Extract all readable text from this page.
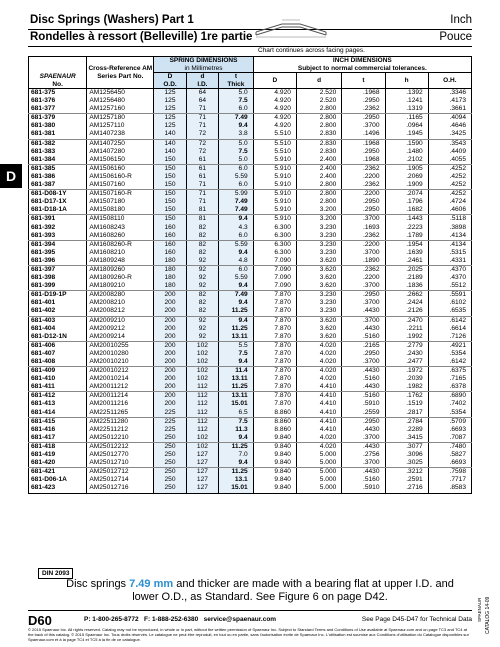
Disc Springs (Washers) Part 1	Inch
Rondelles à ressort (Belleville) 1re partie	Pouce
Chart continues across facing pages.
D
SPAENAUR
No.	Cross-Reference AM Series Part No.	SPRING DIMENSIONS
in Millimetres			INCH DIMENSIONS
Subject to normal commercial tolerances.				
		D	d	t	D	d	t	h	O.H.
		O.D.	I.D.	Thick					
681-375	AM1256450	125	64	5.0	4.920	2.520	.1968	.1392	.3346
681-376	AM1256480	125	64	7.5	4.920	2.520	.2950	.1241	.4173
681-377	AM1257160	125	71	6.0	4.920	2.800	.2362	.1319	.3661
681-379	AM1257180	125	71	7.49	4.920	2.800	.2950	.1165	.4094
681-380	AM1257110	125	71	9.4	4.920	2.800	.3700	.0964	.4646
681-381	AM1407238	140	72	3.8	5.510	2.830	.1496	.1945	.3425
681-382	AM1407250	140	72	5.0	5.510	2.830	.1968	.1590	.3543
681-383	AM1407280	140	72	7.5	5.510	2.830	.2950	.1480	.4409
681-384	AM1506150	150	61	5.0	5.910	2.400	.1968	.2102	.4055
681-385	AM1506160	150	61	6.0	5.910	2.400	.2362	.1905	.4252
681-386	AM1506160-R	150	61	5.59	5.910	2.400	.2200	.2069	.4252
681-387	AM1507160	150	71	6.0	5.910	2.800	.2362	.1909	.4252
681-D08-1Y	AM1507160-R	150	71	5.99	5.910	2.800	.2200	.2074	.4252
681-D17-1X	AM1507180	150	71	7.49	5.910	2.800	.2950	.1796	.4724
681-D18-1A	AM1508180	150	81	7.49	5.910	3.200	.2950	.1682	.4606
681-391	AM1508110	150	81	9.4	5.910	3.200	.3700	.1443	.5118
681-392	AM1608243	160	82	4.3	6.300	3.230	.1693	.2223	.3898
681-393	AM1608260	160	82	6.0	6.300	3.230	.2362	.1789	.4134
681-394	AM1608260-R	160	82	5.59	6.300	3.230	.2200	.1954	.4134
681-395	AM1608210	160	82	9.4	6.300	3.230	.3700	.1639	.5315
681-396	AM1809248	180	92	4.8	7.090	3.620	.1890	.2461	.4331
681-397	AM1809260	180	92	6.0	7.090	3.620	.2362	.2025	.4370
681-398	AM1809260-R	180	92	5.59	7.090	3.620	.2200	.2189	.4370
681-399	AM1809210	180	92	9.4	7.090	3.620	.3700	.1836	.5512
681-D19-1P	AM2008280	200	82	7.49	7.870	3.230	.2950	.2662	.5591
681-401	AM2008210	200	82	9.4	7.870	3.230	.3700	.2424	.6102
681-402	AM2008212	200	82	11.25	7.870	3.230	.4430	.2126	.6535
681-403	AM2009210	200	92	9.4	7.870	3.620	.3700	.2470	.6142
681-404	AM2009212	200	92	11.25	7.870	3.620	.4430	.2211	.6614
681-D12-1N	AM2009214	200	92	13.11	7.870	3.620	.5160	.1992	.7126
681-406	AM20010255	200	102	5.5	7.870	4.020	.2165	.2779	.4921
681-407	AM20010280	200	102	7.5	7.870	4.020	.2950	.2430	.5354
681-408	AM20010210	200	102	9.4	7.870	4.020	.3700	.2477	.6142
681-409	AM20010212	200	102	11.4	7.870	4.020	.4430	.1972	.6375
681-410	AM20010214	200	102	13.11	7.870	4.020	.5160	.2039	.7165
681-411	AM20011212	200	112	11.25	7.870	4.410	.4430	.1982	.6378
681-412	AM20011214	200	112	13.11	7.870	4.410	.5160	.1762	.6890
681-413	AM20011216	200	112	15.01	7.870	4.410	.5910	.1519	.7402
681-414	AM22511265	225	112	6.5	8.860	4.410	.2559	.2817	.5354
681-415	AM22511280	225	112	7.5	8.860	4.410	.2950	.2784	.5709
681-416	AM22511212	225	112	11.3	8.860	4.410	.4430	.2289	.6693
681-417	AM25012210	250	102	9.4	9.840	4.020	.3700	.3415	.7087
681-418	AM25012212	250	102	11.25	9.840	4.020	.4430	.3077	.7480
681-419	AM25012770	250	127	7.0	9.840	5.000	.2756	.3096	.5827
681-420	AM25012710	250	127	9.4	9.840	5.000	.3700	.3025	.6693
681-421	AM25012712	250	127	11.25	9.840	5.000	.4430	.3212	.7598
681-D06-1A	AM25012714	250	127	13.1	9.840	5.000	.5160	.2591	.7717
681-423	AM25012716	250	127	15.01	9.840	5.000	.5910	.2716	.8583
DIN 2093
Disc springs 7.49 mm and thicker are made with a bearing flat at upper I.D. and lower O.D., as Standard. See Figure 6 on page D42.	CATALOG 14-09
SPAENAUR
D60	P: 1-800-265-8772 F: 1-888-252-6380 service@spaenaur.com	See Page D45-D47 for Technical Data
© 2015 Spaenaur Inc. All rights reserved. Catalog may not be reproduced, in whole or in part, without the written permission of Spaenaur Inc. Subject to Standard Terms and Conditions of Use available at Spaenaur.com and on page TC3 and TC4 at the back of this catalog. © 2015 Spaenaur Inc. Tous droits réservés. Le catalogue ne peut être reproduit, en tout ou en partie, sans l'autorisation écrite de Spaenaur Inc. L'utilisation est soumise aux Conditions d'utilisation du Catalogue disponibles sur Spaenaur.com et à la page TC4 et TC5 à la fin de ce catalogue.
